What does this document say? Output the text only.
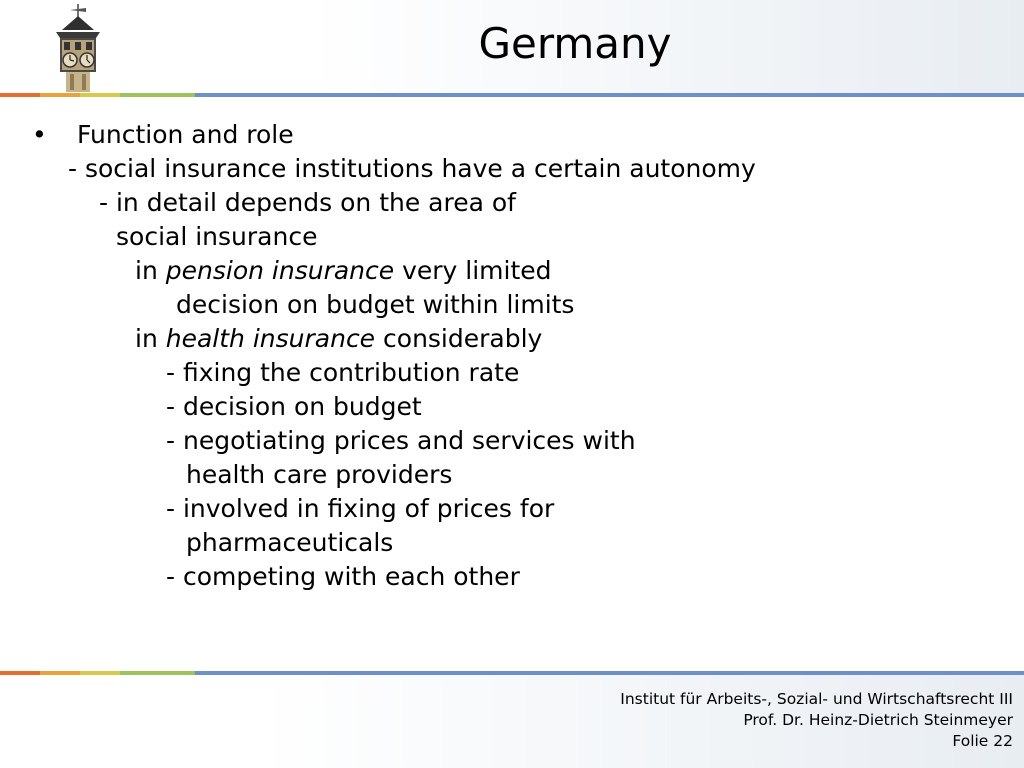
Germany
• Function and role
- social insurance institutions have a certain autonomy
- in detail depends on the area of
social insurance
in pension insurance very limited
decision on budget within limits
in health insurance considerably
- fixing the contribution rate
- decision on budget
- negotiating prices and services with
health care providers
- involved in fixing of prices for
pharmaceuticals
- competing with each other
Institut für Arbeits-, Sozial- und Wirtschaftsrecht III
Prof. Dr. Heinz-Dietrich Steinmeyer
Folie 22
